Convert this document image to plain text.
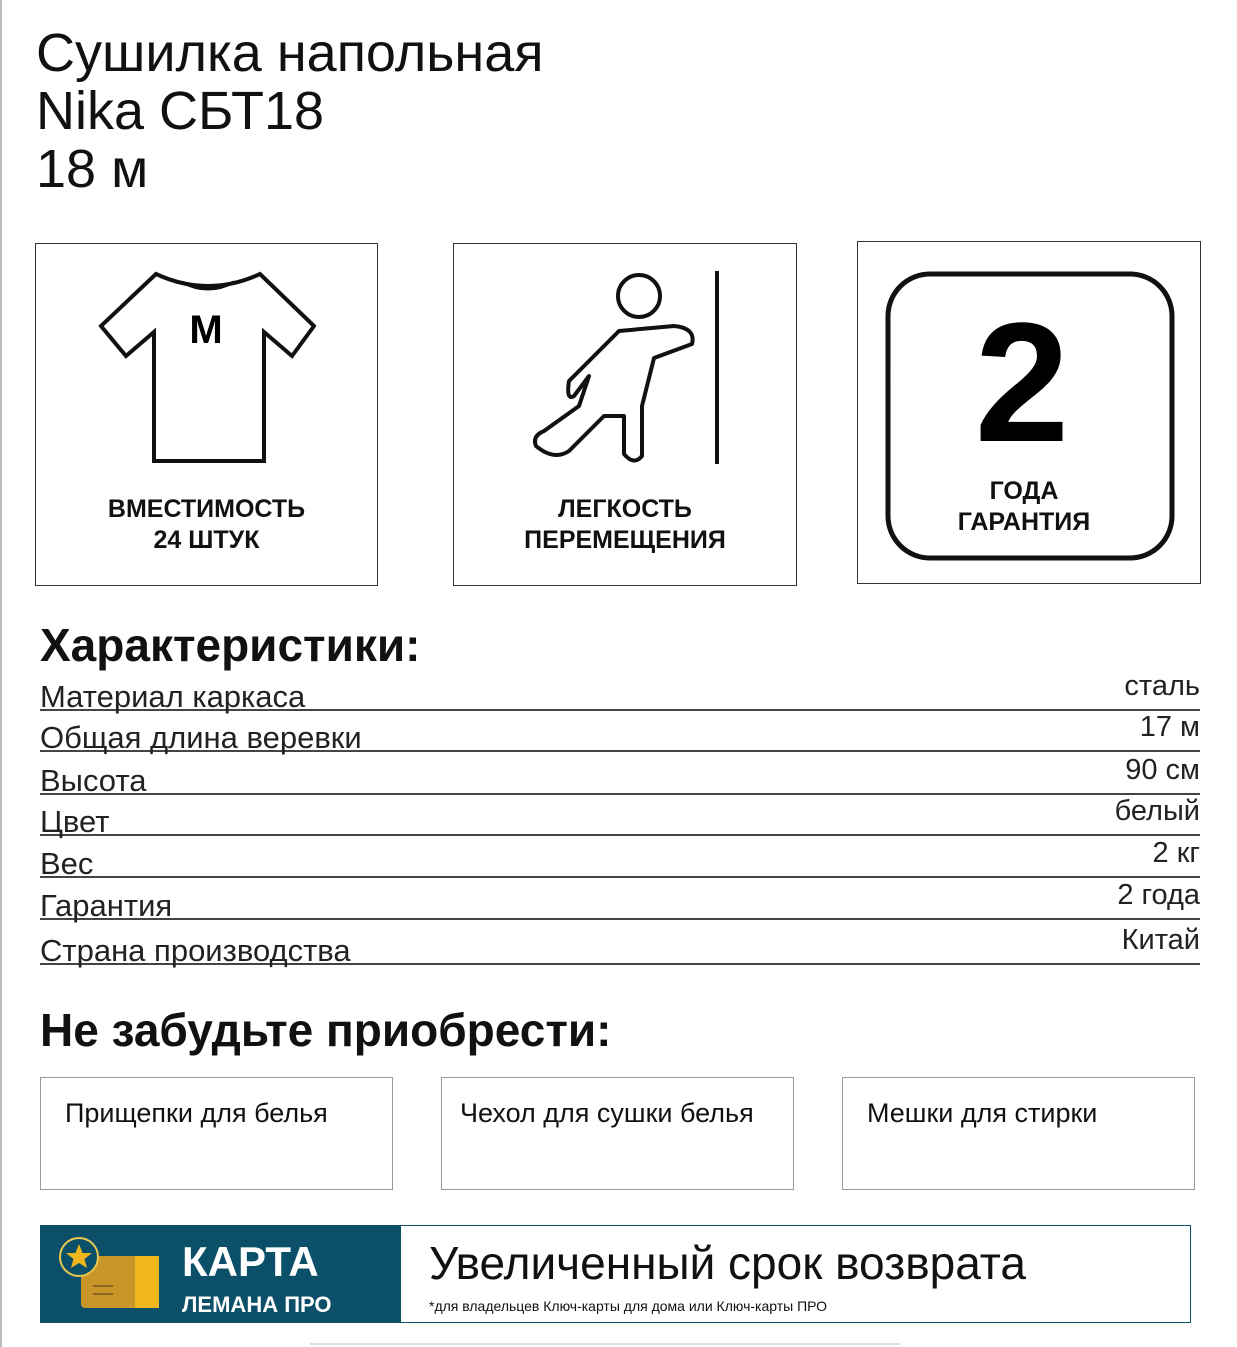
Сушилка напольная
Nika СБТ18
18 м
M
ВМЕСТИМОСТЬ
24 ШТУК
ЛЕГКОСТЬ
ПЕРЕМЕЩЕНИЯ
2
ГОДА
ГАРАНТИЯ
Характеристики:
Материал каркаса	сталь
Общая длина веревки	17 м
Высота	90 см
Цвет	белый
Вес	2 кг
Гарантия	2 года
Страна производства	Китай
Не забудьте приобрести:
Прищепки для белья	Чехол для сушки белья	Мешки для стирки
КАРТА
ЛЕМАНА ПРО
Увеличенный срок возврата
*для владельцев Ключ-карты для дома или Ключ-карты ПРО
